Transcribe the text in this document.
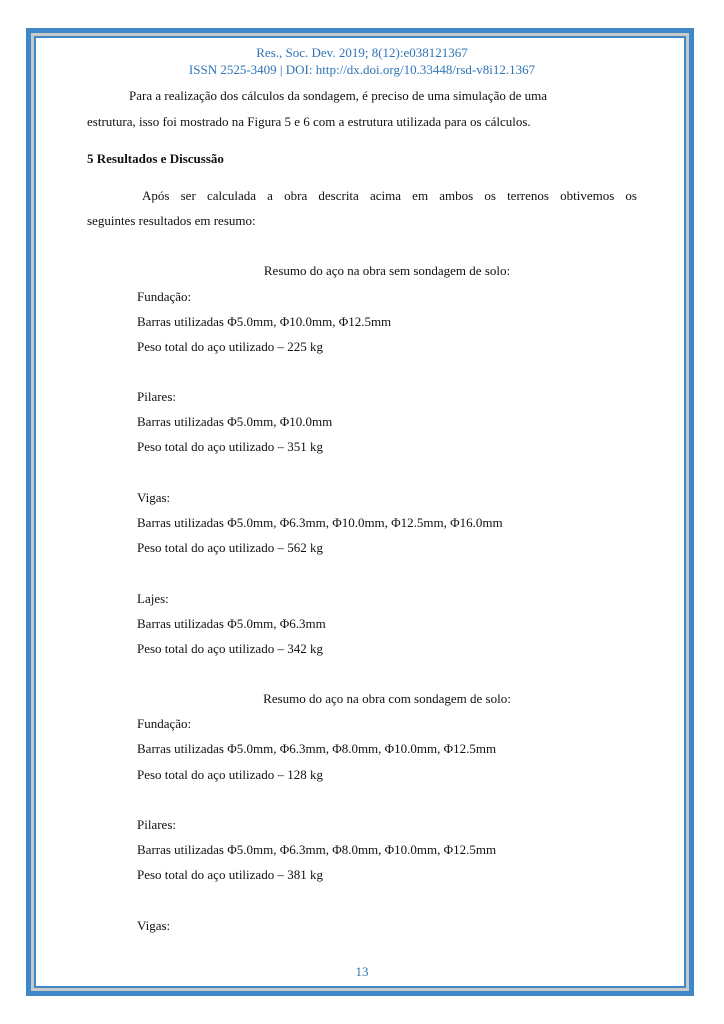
Res., Soc. Dev. 2019; 8(12):e038121367
ISSN 2525-3409 | DOI: http://dx.doi.org/10.33448/rsd-v8i12.1367
Para a realização dos cálculos da sondagem, é preciso de uma simulação de uma
estrutura, isso foi mostrado na Figura 5 e 6 com a estrutura utilizada para os cálculos.
5 Resultados e Discussão
Após ser calculada a obra descrita acima em ambos os terrenos obtivemos os
seguintes resultados em resumo:
Resumo do aço na obra sem sondagem de solo:
Fundação:
Barras utilizadas Φ5.0mm, Φ10.0mm, Φ12.5mm
Peso total do aço utilizado – 225 kg
Pilares:
Barras utilizadas Φ5.0mm, Φ10.0mm
Peso total do aço utilizado – 351 kg
Vigas:
Barras utilizadas Φ5.0mm, Φ6.3mm, Φ10.0mm, Φ12.5mm, Φ16.0mm
Peso total do aço utilizado – 562 kg
Lajes:
Barras utilizadas Φ5.0mm, Φ6.3mm
Peso total do aço utilizado – 342 kg
Resumo do aço na obra com sondagem de solo:
Fundação:
Barras utilizadas Φ5.0mm, Φ6.3mm, Φ8.0mm, Φ10.0mm, Φ12.5mm
Peso total do aço utilizado – 128 kg
Pilares:
Barras utilizadas Φ5.0mm, Φ6.3mm, Φ8.0mm, Φ10.0mm, Φ12.5mm
Peso total do aço utilizado – 381 kg
Vigas:
13
